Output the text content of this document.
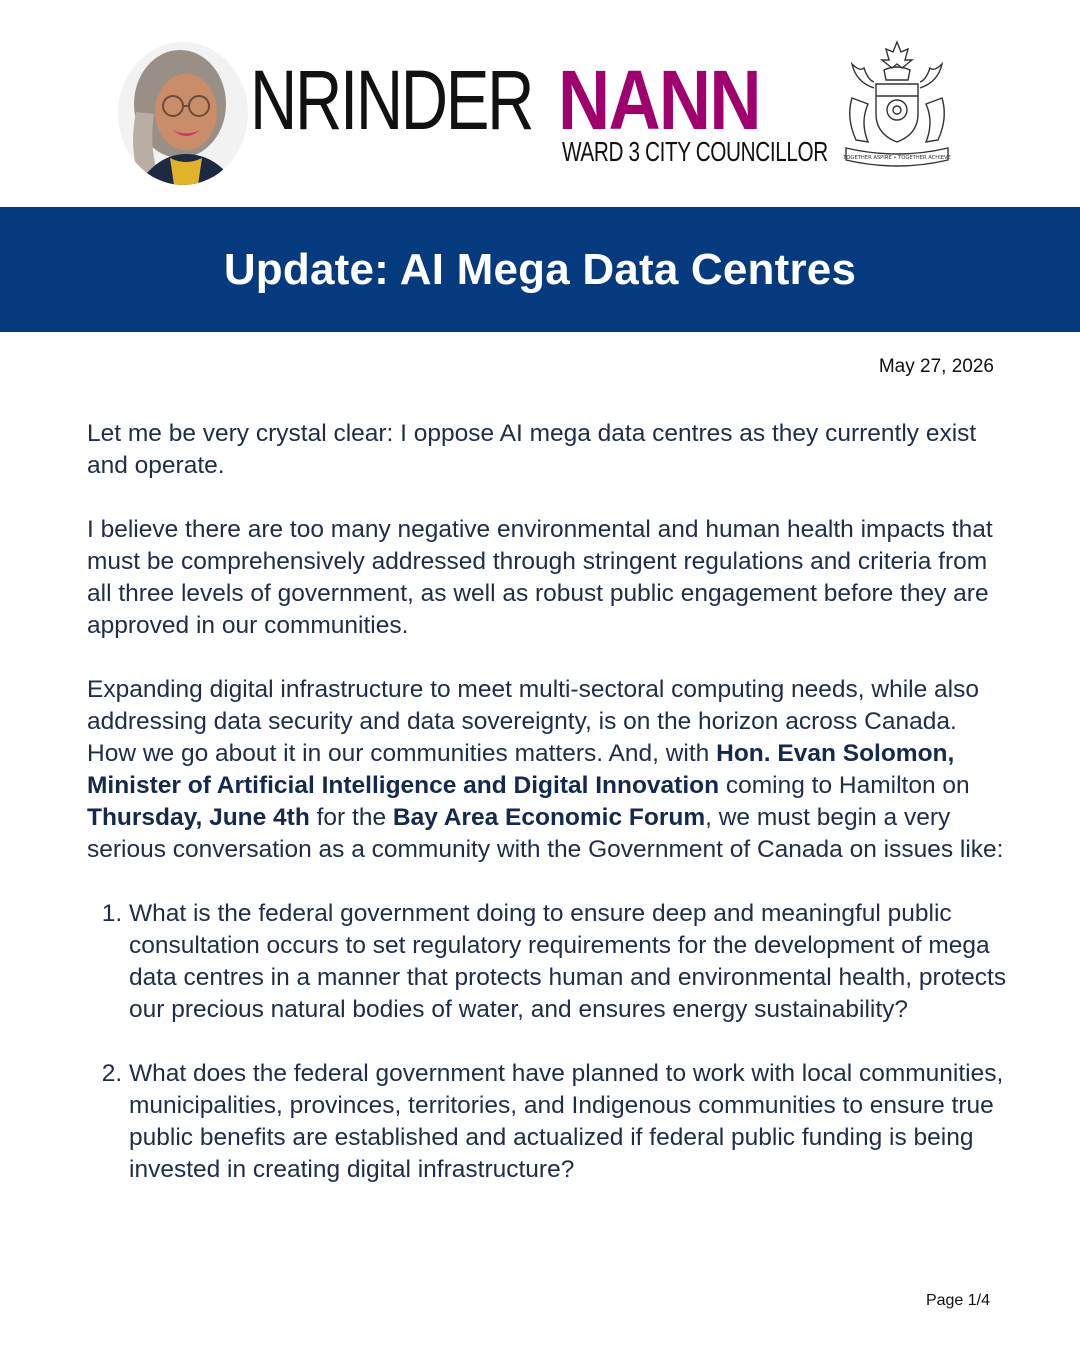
NRINDER NANN
WARD 3 CITY COUNCILLOR	TOGETHER ASPIRE • TOGETHER ACHIEVE
Update: AI Mega Data Centres
May 27, 2026

Let me be very crystal clear: I oppose AI mega data centres as they currently exist and operate.

I believe there are too many negative environmental and human health impacts that must be comprehensively addressed through stringent regulations and criteria from all three levels of government, as well as robust public engagement before they are approved in our communities.

Expanding digital infrastructure to meet multi-sectoral computing needs, while also addressing data security and data sovereignty, is on the horizon across Canada. How we go about it in our communities matters. And, with Hon. Evan Solomon, Minister of Artificial Intelligence and Digital Innovation coming to Hamilton on Thursday, June 4th for the Bay Area Economic Forum, we must begin a very serious conversation as a community with the Government of Canada on issues like:

1. What is the federal government doing to ensure deep and meaningful public consultation occurs to set regulatory requirements for the development of mega data centres in a manner that protects human and environmental health, protects our precious natural bodies of water, and ensures energy sustainability?
2. What does the federal government have planned to work with local communities, municipalities, provinces, territories, and Indigenous communities to ensure true public benefits are established and actualized if federal public funding is being invested in creating digital infrastructure?
Page 1/4
